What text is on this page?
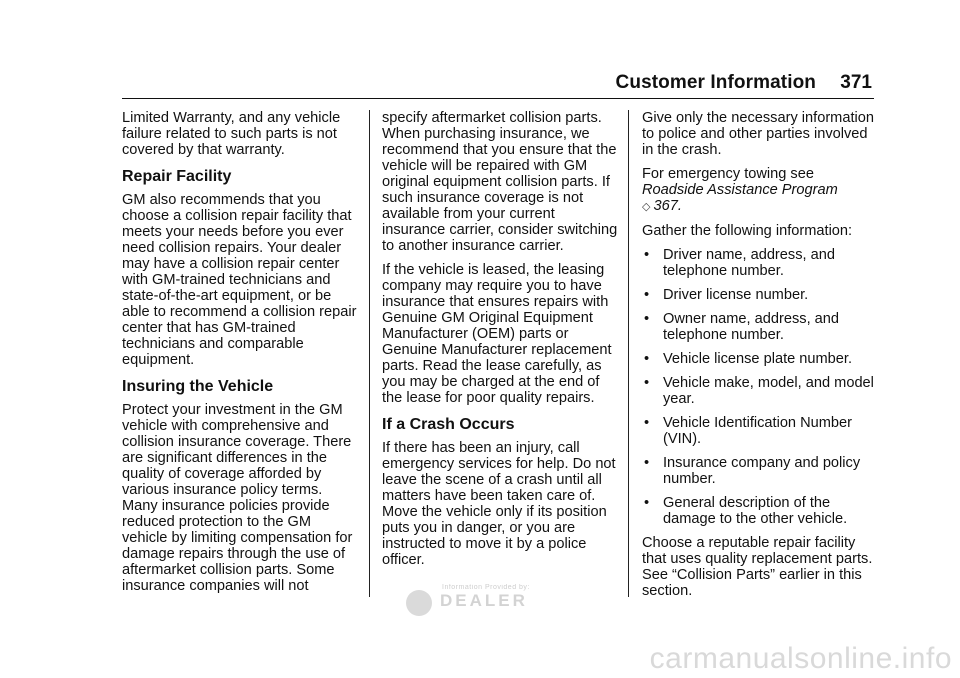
Customer Information 371

Limited Warranty, and any vehicle failure related to such parts is not covered by that warranty.

Repair Facility

GM also recommends that you choose a collision repair facility that meets your needs before you ever need collision repairs. Your dealer may have a collision repair center with GM-trained technicians and state-of-the-art equipment, or be able to recommend a collision repair center that has GM-trained technicians and comparable equipment.

Insuring the Vehicle

Protect your investment in the GM vehicle with comprehensive and collision insurance coverage. There are significant differences in the quality of coverage afforded by various insurance policy terms. Many insurance policies provide reduced protection to the GM vehicle by limiting compensation for damage repairs through the use of aftermarket collision parts. Some insurance companies will not

specify aftermarket collision parts. When purchasing insurance, we recommend that you ensure that the vehicle will be repaired with GM original equipment collision parts. If such insurance coverage is not available from your current insurance carrier, consider switching to another insurance carrier.

If the vehicle is leased, the leasing company may require you to have insurance that ensures repairs with Genuine GM Original Equipment Manufacturer (OEM) parts or Genuine Manufacturer replacement parts. Read the lease carefully, as you may be charged at the end of the lease for poor quality repairs.

If a Crash Occurs

If there has been an injury, call emergency services for help. Do not leave the scene of a crash until all matters have been taken care of. Move the vehicle only if its position puts you in danger, or you are instructed to move it by a police officer.

Give only the necessary information to police and other parties involved in the crash.

For emergency towing see
Roadside Assistance Program
◇ 367.

Gather the following information:

• Driver name, address, and telephone number.
• Driver license number.
• Owner name, address, and telephone number.
• Vehicle license plate number.
• Vehicle make, model, and model year.
• Vehicle Identification Number (VIN).
• Insurance company and policy number.
• General description of the damage to the other vehicle.

Choose a reputable repair facility that uses quality replacement parts. See “Collision Parts” earlier in this section.

Information Provided by:
DEALER
carmanualsonline.info
